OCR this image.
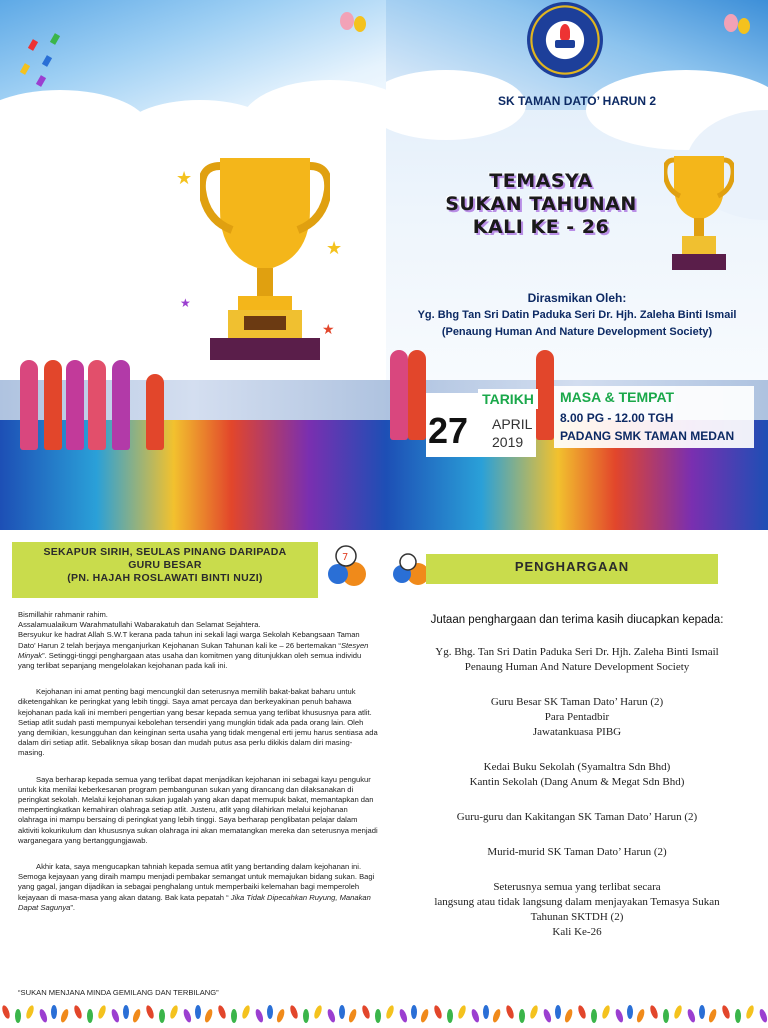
★
★
★
★
SK TAMAN DATO’ HARUN 2
TEMASYA
SUKAN TAHUNAN
KALI KE - 26
Dirasmikan Oleh:
Yg. Bhg Tan Sri Datin Paduka Seri Dr. Hjh. Zaleha Binti Ismail
(Penaung Human And Nature Development Society)
TARIKH
27 APRIL
2019
MASA & TEMPAT
8.00 PG - 12.00 TGH
PADANG SMK TAMAN MEDAN
SEKAPUR SIRIH, SEULAS PINANG DARIPADA
GURU BESAR
(PN. HAJAH ROSLAWATI BINTI NUZI)
7

Bismillahir rahmanir rahim.
Assalamualaikum Warahmatullahi Wabarakatuh dan Selamat Sejahtera.
Bersyukur ke hadrat Allah S.W.T kerana pada tahun ini sekali lagi warga Sekolah Kebangsaan Taman Dato’ Harun 2 telah berjaya menganjurkan Kejohanan Sukan Tahunan kali ke – 26 bertemakan “Stesyen Minyak”. Setinggi-tinggi penghargaan atas usaha dan komitmen yang ditunjukkan oleh semua individu yang terlibat sepanjang mengelolakan kejohanan pada kali ini.

Kejohanan ini amat penting bagi mencungkil dan seterusnya memilih bakat-bakat baharu untuk diketengahkan ke peringkat yang lebih tinggi. Saya amat percaya dan berkeyakinan penuh bahawa kejohanan pada kali ini memberi pengertian yang besar kepada semua yang terlibat khususnya para atlit. Setiap atlit sudah pasti mempunyai kebolehan tersendiri yang mungkin tidak ada pada orang lain. Oleh yang demikian, kesungguhan dan keinginan serta usaha yang tidak mengenal erti jemu harus sentiasa ada dalam diri setiap atlit. Sebaliknya sikap bosan dan mudah putus asa perlu dikikis dalam diri masing-masing.

Saya berharap kepada semua yang terlibat dapat menjadikan kejohanan ini sebagai kayu pengukur untuk kita menilai keberkesanan program pembangunan sukan yang dirancang dan dilaksanakan di peringkat sekolah. Melalui kejohanan sukan jugalah yang akan dapat memupuk bakat, memantapkan dan mempertingkatkan kemahiran olahraga setiap atlit. Justeru, atlit yang dilahirkan melalui kejohanan olahraga ini mampu bersaing di peringkat yang lebih tinggi. Saya berharap penglibatan pelajar dalam aktiviti kokurikulum dan khususnya sukan olahraga ini akan mematangkan mereka dan seterusnya menjadi warganegara yang bertanggungjawab.

Akhir kata, saya mengucapkan tahniah kepada semua atlit yang bertanding dalam kejohanan ini. Semoga kejayaan yang diraih mampu menjadi pembakar semangat untuk memajukan bidang sukan. Bagi yang gagal, jangan dijadikan ia sebagai penghalang untuk memperbaiki kelemahan bagi memperoleh kejayaan di masa-masa yang akan datang. Bak kata pepatah “ Jika Tidak Dipecahkan Ruyung, Manakan Dapat Sagunya”.

“SUKAN MENJANA MINDA GEMILANG DAN TERBILANG”
PENGHARGAAN
Jutaan penghargaan dan terima kasih diucapkan kepada:
Yg. Bhg. Tan Sri Datin Paduka Seri Dr. Hjh. Zaleha Binti Ismail
Penaung Human And Nature Development Society
Guru Besar SK Taman Dato’ Harun (2)
Para Pentadbir
Jawatankuasa PIBG
Kedai Buku Sekolah (Syamaltra Sdn Bhd)
Kantin Sekolah (Dang Anum & Megat Sdn Bhd)
Guru-guru dan Kakitangan SK Taman Dato’ Harun (2)
Murid-murid SK Taman Dato’ Harun (2)
Seterusnya semua yang terlibat secara
langsung atau tidak langsung dalam menjayakan Temasya Sukan
Tahunan SKTDH (2)
Kali Ke-26
